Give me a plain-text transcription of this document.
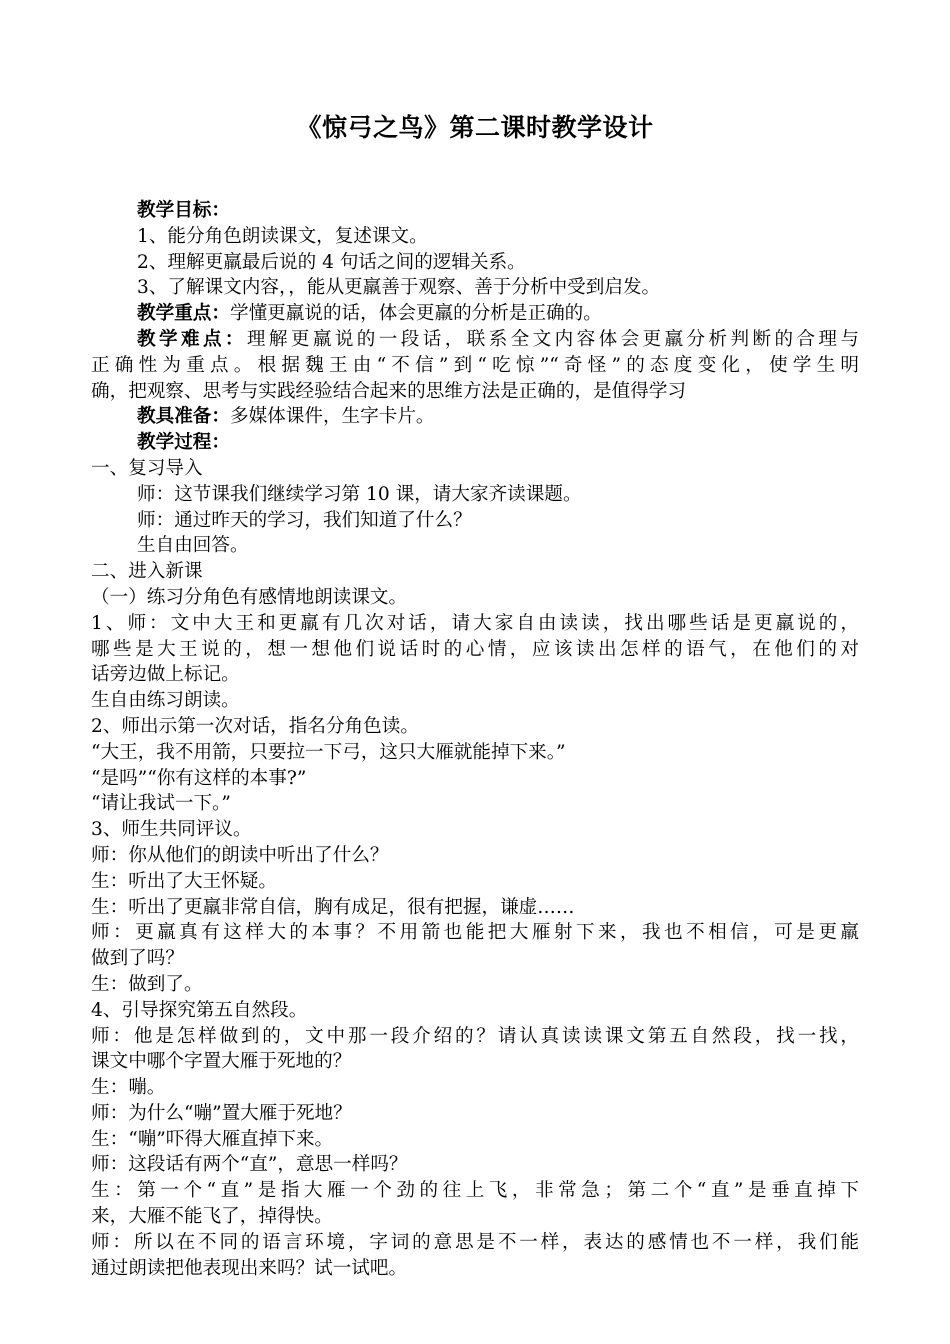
《惊弓之鸟》第二课时教学设计
教学目标：
1、能分角色朗读课文，复述课文。
2、理解更羸最后说的 4 句话之间的逻辑关系。
3、了解课文内容，，能从更羸善于观察、善于分析中受到启发。
教学重点：学懂更羸说的话，体会更羸的分析是正确的。
教学难点：理解更羸说的一段话，联系全文内容体会更羸分析判断的合理与
正确性为重点。根据魏王由“不信”到“吃惊”“奇怪”的态度变化，使学生明
确，把观察、思考与实践经验结合起来的思维方法是正确的，是值得学习
教具准备：多媒体课件，生字卡片。
教学过程：
一、复习导入
师：这节课我们继续学习第 10 课，请大家齐读课题。
师：通过昨天的学习，我们知道了什么？
生自由回答。
二、进入新课
（一）练习分角色有感情地朗读课文。
1、师：文中大王和更羸有几次对话，请大家自由读读，找出哪些话是更羸说的，
哪些是大王说的，想一想他们说话时的心情，应该读出怎样的语气，在他们的对
话旁边做上标记。
生自由练习朗读。
2、师出示第一次对话，指名分角色读。
“大王，我不用箭，只要拉一下弓，这只大雁就能掉下来。”
“是吗”“你有这样的本事?”
“请让我试一下。”
3、师生共同评议。
师：你从他们的朗读中听出了什么？
生：听出了大王怀疑。
生：听出了更羸非常自信，胸有成足，很有把握，谦虚……
师：更羸真有这样大的本事？不用箭也能把大雁射下来，我也不相信，可是更羸
做到了吗？
生：做到了。
4、引导探究第五自然段。
师：他是怎样做到的，文中那一段介绍的？请认真读读课文第五自然段，找一找，
课文中哪个字置大雁于死地的？
生：嘣。
师：为什么“嘣”置大雁于死地？
生：“嘣”吓得大雁直掉下来。
师：这段话有两个“直”，意思一样吗？
生：第一个“直”是指大雁一个劲的往上飞，非常急；第二个“直”是垂直掉下
来，大雁不能飞了，掉得快。
师：所以在不同的语言环境，字词的意思是不一样，表达的感情也不一样，我们能
通过朗读把他表现出来吗？试一试吧。
